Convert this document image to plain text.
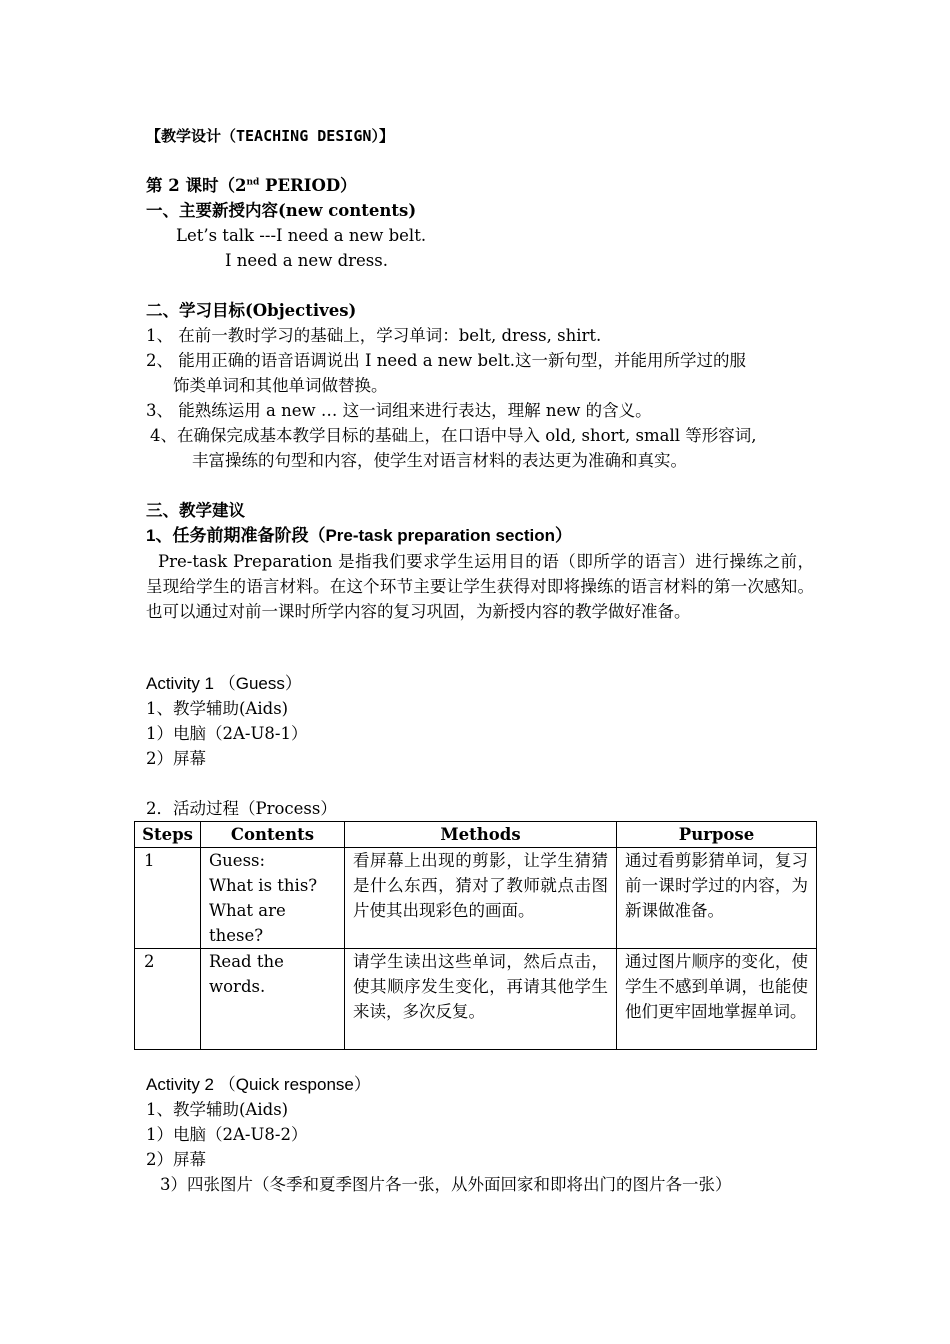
【教学设计（TEACHING DESIGN）】
第 2 课时（2nd PERIOD）
一、主要新授内容(new contents)
Let’s talk ---I need a new belt.
I need a new dress.
二、学习目标(Objectives)
1、 在前一教时学习的基础上，学习单词：belt, dress, shirt.
2、 能用正确的语音语调说出 I need a new belt.这一新句型，并能用所学过的服
饰类单词和其他单词做替换。
3、 能熟练运用 a new … 这一词组来进行表达，理解 new 的含义。
4、在确保完成基本教学目标的基础上，在口语中导入 old, short, small 等形容词,
丰富操练的句型和内容，使学生对语言材料的表达更为准确和真实。
三、教学建议
1、任务前期准备阶段（Pre-task preparation section）
Pre-task Preparation 是指我们要求学生运用目的语（即所学的语言）进行操练之前，呈现给学生的语言材料。在这个环节主要让学生获得对即将操练的语言材料的第一次感知。也可以通过对前一课时所学内容的复习巩固，为新授内容的教学做好准备。
Activity 1 （Guess）
1、教学辅助(Aids)
1）电脑（2A-U8-1）
2）屏幕
2．活动过程（Process）
Steps	Contents	Methods	Purpose
1	Guess:
What is this?
What are these?	看屏幕上出现的剪影，让学生猜猜是什么东西，猜对了教师就点击图片使其出现彩色的画面。	通过看剪影猜单词，复习前一课时学过的内容，为新课做准备。
2	Read the words.	请学生读出这些单词，然后点击，使其顺序发生变化，再请其他学生来读，多次反复。	通过图片顺序的变化，使学生不感到单调，也能使他们更牢固地掌握单词。
Activity 2 （Quick response）
1、教学辅助(Aids)
1）电脑（2A-U8-2）
2）屏幕
3）四张图片（冬季和夏季图片各一张，从外面回家和即将出门的图片各一张）
